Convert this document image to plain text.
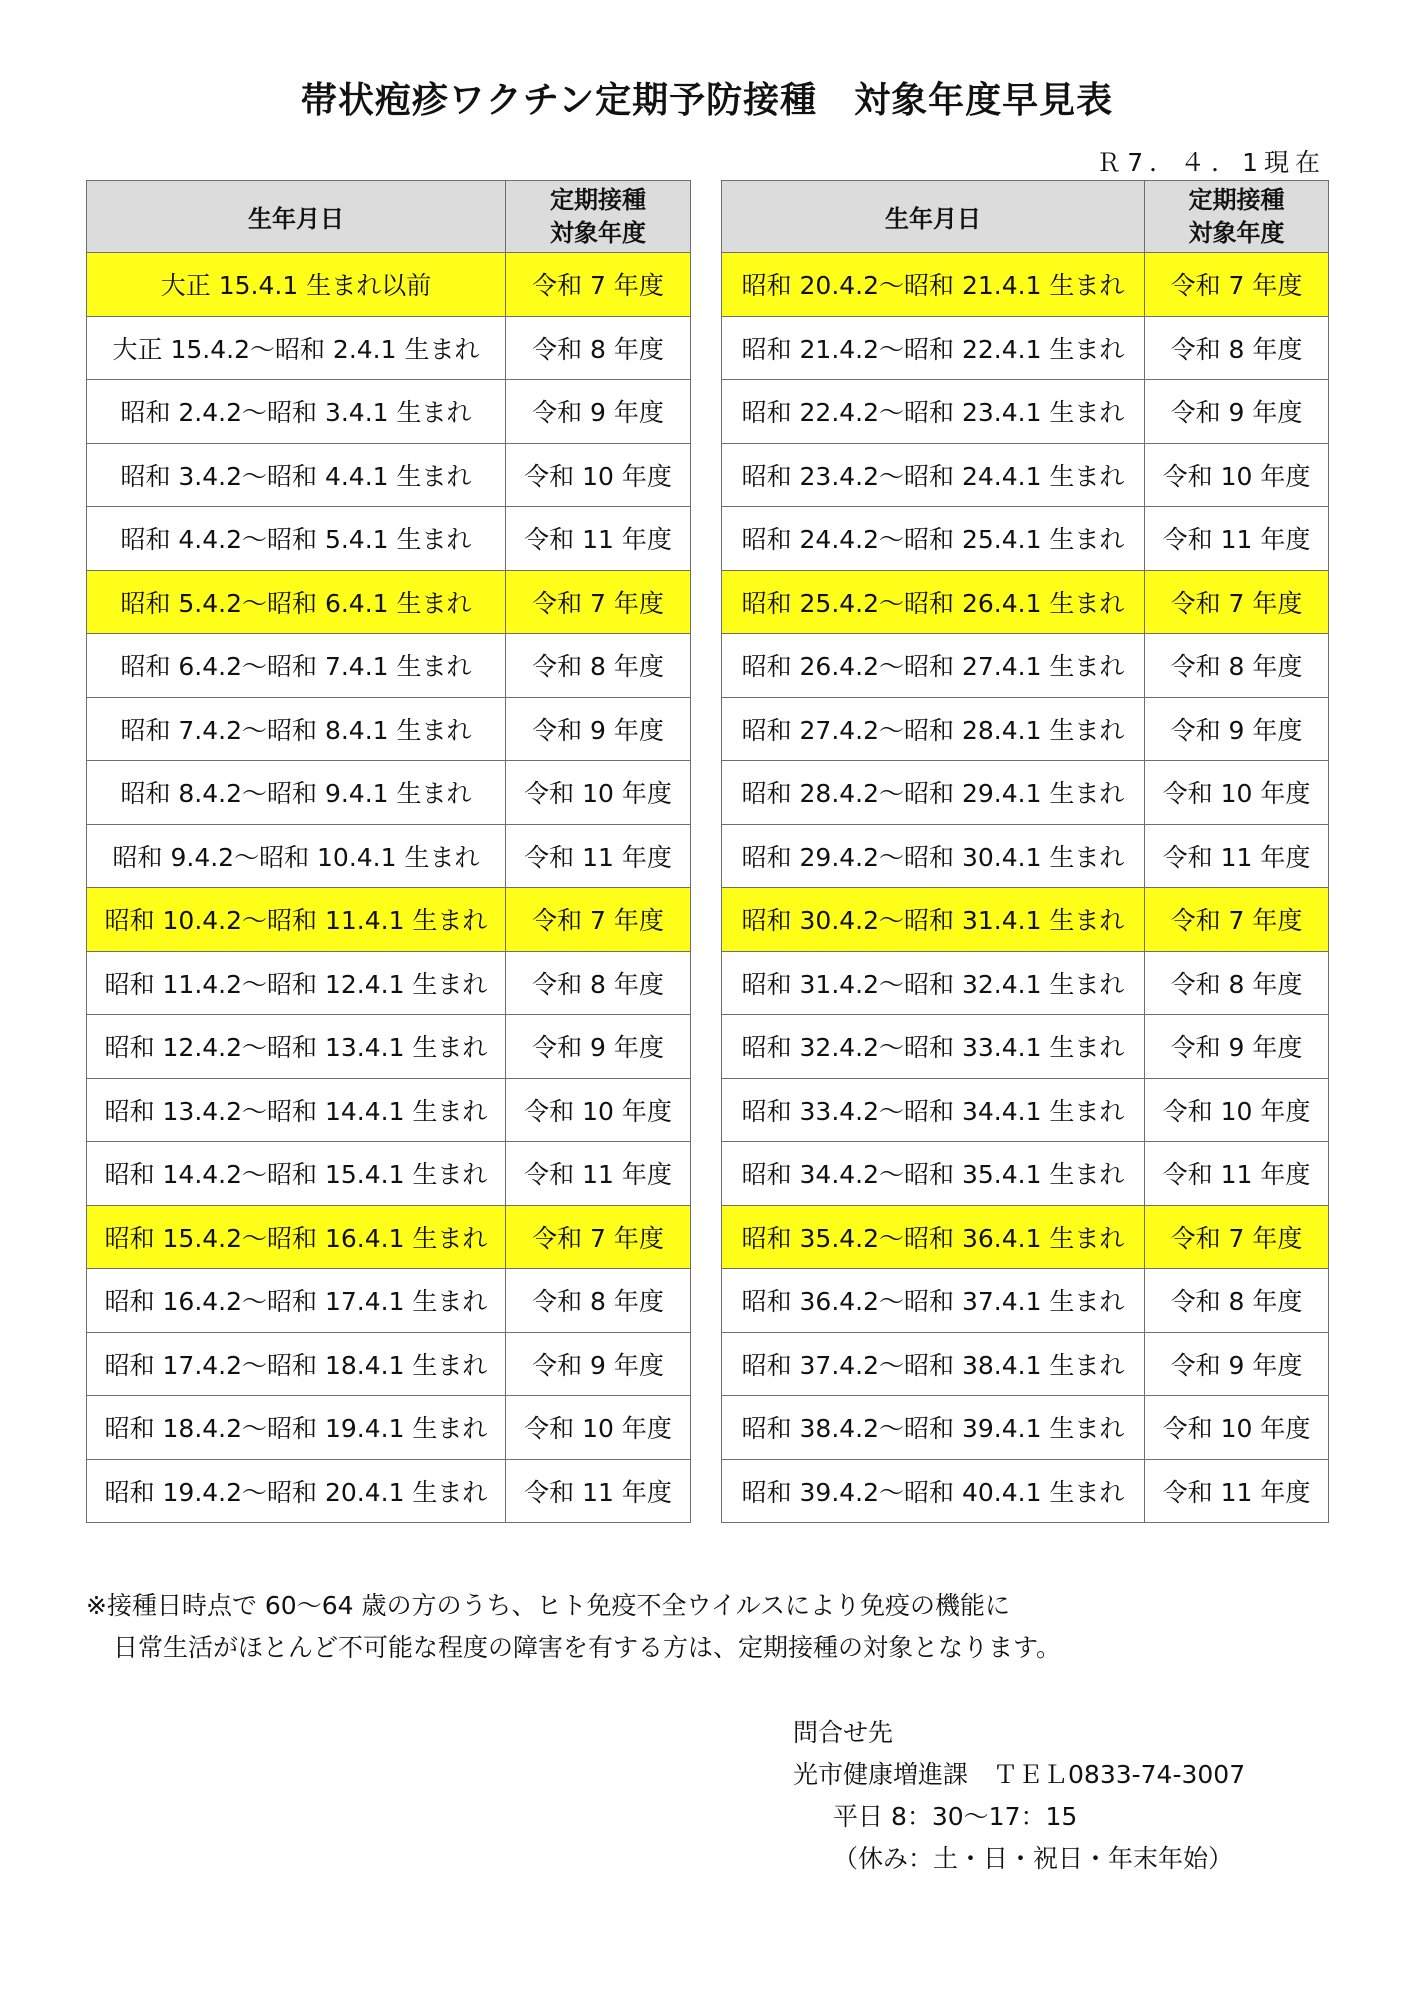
帯状疱疹ワクチン定期予防接種　対象年度早見表
Ｒ7．４．1現在
生年月日	定期接種
対象年度

大正 15.4.1 生まれ以前	令和 7 年度
大正 15.4.2～昭和 2.4.1 生まれ	令和 8 年度
昭和 2.4.2～昭和 3.4.1 生まれ	令和 9 年度
昭和 3.4.2～昭和 4.4.1 生まれ	令和 10 年度
昭和 4.4.2～昭和 5.4.1 生まれ	令和 11 年度
昭和 5.4.2～昭和 6.4.1 生まれ	令和 7 年度
昭和 6.4.2～昭和 7.4.1 生まれ	令和 8 年度
昭和 7.4.2～昭和 8.4.1 生まれ	令和 9 年度
昭和 8.4.2～昭和 9.4.1 生まれ	令和 10 年度
昭和 9.4.2～昭和 10.4.1 生まれ	令和 11 年度
昭和 10.4.2～昭和 11.4.1 生まれ	令和 7 年度
昭和 11.4.2～昭和 12.4.1 生まれ	令和 8 年度
昭和 12.4.2～昭和 13.4.1 生まれ	令和 9 年度
昭和 13.4.2～昭和 14.4.1 生まれ	令和 10 年度
昭和 14.4.2～昭和 15.4.1 生まれ	令和 11 年度
昭和 15.4.2～昭和 16.4.1 生まれ	令和 7 年度
昭和 16.4.2～昭和 17.4.1 生まれ	令和 8 年度
昭和 17.4.2～昭和 18.4.1 生まれ	令和 9 年度
昭和 18.4.2～昭和 19.4.1 生まれ	令和 10 年度
昭和 19.4.2～昭和 20.4.1 生まれ	令和 11 年度
生年月日	定期接種
対象年度

昭和 20.4.2～昭和 21.4.1 生まれ	令和 7 年度
昭和 21.4.2～昭和 22.4.1 生まれ	令和 8 年度
昭和 22.4.2～昭和 23.4.1 生まれ	令和 9 年度
昭和 23.4.2～昭和 24.4.1 生まれ	令和 10 年度
昭和 24.4.2～昭和 25.4.1 生まれ	令和 11 年度
昭和 25.4.2～昭和 26.4.1 生まれ	令和 7 年度
昭和 26.4.2～昭和 27.4.1 生まれ	令和 8 年度
昭和 27.4.2～昭和 28.4.1 生まれ	令和 9 年度
昭和 28.4.2～昭和 29.4.1 生まれ	令和 10 年度
昭和 29.4.2～昭和 30.4.1 生まれ	令和 11 年度
昭和 30.4.2～昭和 31.4.1 生まれ	令和 7 年度
昭和 31.4.2～昭和 32.4.1 生まれ	令和 8 年度
昭和 32.4.2～昭和 33.4.1 生まれ	令和 9 年度
昭和 33.4.2～昭和 34.4.1 生まれ	令和 10 年度
昭和 34.4.2～昭和 35.4.1 生まれ	令和 11 年度
昭和 35.4.2～昭和 36.4.1 生まれ	令和 7 年度
昭和 36.4.2～昭和 37.4.1 生まれ	令和 8 年度
昭和 37.4.2～昭和 38.4.1 生まれ	令和 9 年度
昭和 38.4.2～昭和 39.4.1 生まれ	令和 10 年度
昭和 39.4.2～昭和 40.4.1 生まれ	令和 11 年度
※接種日時点で 60～64 歳の方のうち、ヒト免疫不全ウイルスにより免疫の機能に
日常生活がほとんど不可能な程度の障害を有する方は、定期接種の対象となります。
問合せ先
光市健康増進課　ＴＥＬ0833-74-3007
平日 8：30～17：15
（休み：土・日・祝日・年末年始）
